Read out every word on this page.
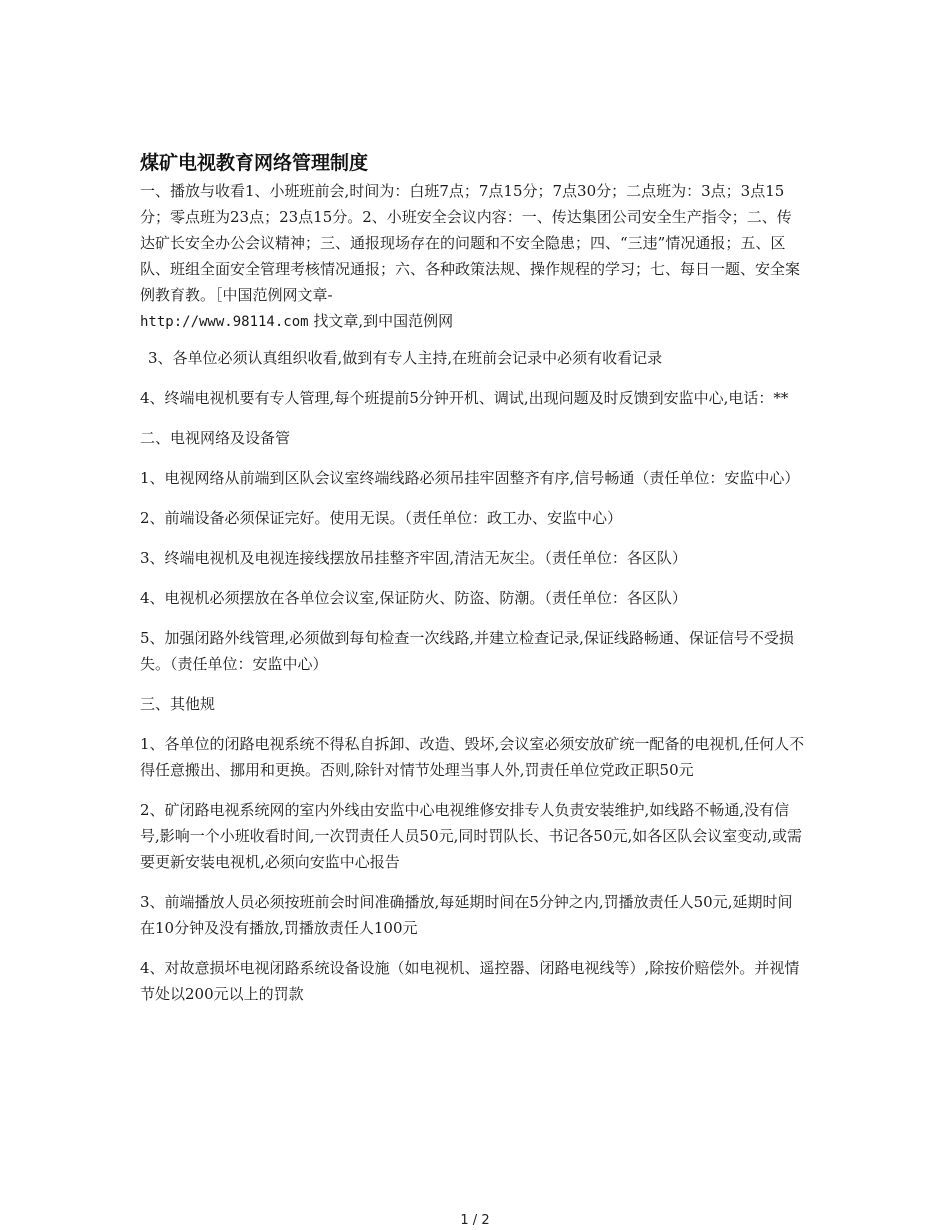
煤矿电视教育网络管理制度
一、播放与收看1、小班班前会,时间为：白班7点；7点15分；7点30分；二点班为：3点；3点15分；零点班为23点；23点15分。2、小班安全会议内容：一、传达集团公司安全生产指令；二、传达矿长安全办公会议精神；三、通报现场存在的问题和不安全隐患；四、“三违”情况通报；五、区队、班组全面安全管理考核情况通报；六、各种政策法规、操作规程的学习；七、每日一题、安全案例教育教。［中国范例网文章-
http://www.98114.com 找文章,到中国范例网
3、各单位必须认真组织收看,做到有专人主持,在班前会记录中必须有收看记录
4、终端电视机要有专人管理,每个班提前5分钟开机、调试,出现问题及时反馈到安监中心,电话：**
二、电视网络及设备管
1、电视网络从前端到区队会议室终端线路必须吊挂牢固整齐有序,信号畅通（责任单位：安监中心）
2、前端设备必须保证完好。使用无误。（责任单位：政工办、安监中心）
3、终端电视机及电视连接线摆放吊挂整齐牢固,清洁无灰尘。（责任单位：各区队）
4、电视机必须摆放在各单位会议室,保证防火、防盗、防潮。（责任单位：各区队）
5、加强闭路外线管理,必须做到每旬检查一次线路,并建立检查记录,保证线路畅通、保证信号不受损失。（责任单位：安监中心）
三、其他规
1、各单位的闭路电视系统不得私自拆卸、改造、毁坏,会议室必须安放矿统一配备的电视机,任何人不得任意搬出、挪用和更换。否则,除针对情节处理当事人外,罚责任单位党政正职50元
2、矿闭路电视系统网的室内外线由安监中心电视维修安排专人负责安装维护,如线路不畅通,没有信号,影响一个小班收看时间,一次罚责任人员50元,同时罚队长、书记各50元,如各区队会议室变动,或需要更新安装电视机,必须向安监中心报告
3、前端播放人员必须按班前会时间准确播放,每延期时间在5分钟之内,罚播放责任人50元,延期时间在10分钟及没有播放,罚播放责任人100元
4、对故意损坏电视闭路系统设备设施（如电视机、遥控器、闭路电视线等）,除按价赔偿外。并视情节处以200元以上的罚款
1 / 2
